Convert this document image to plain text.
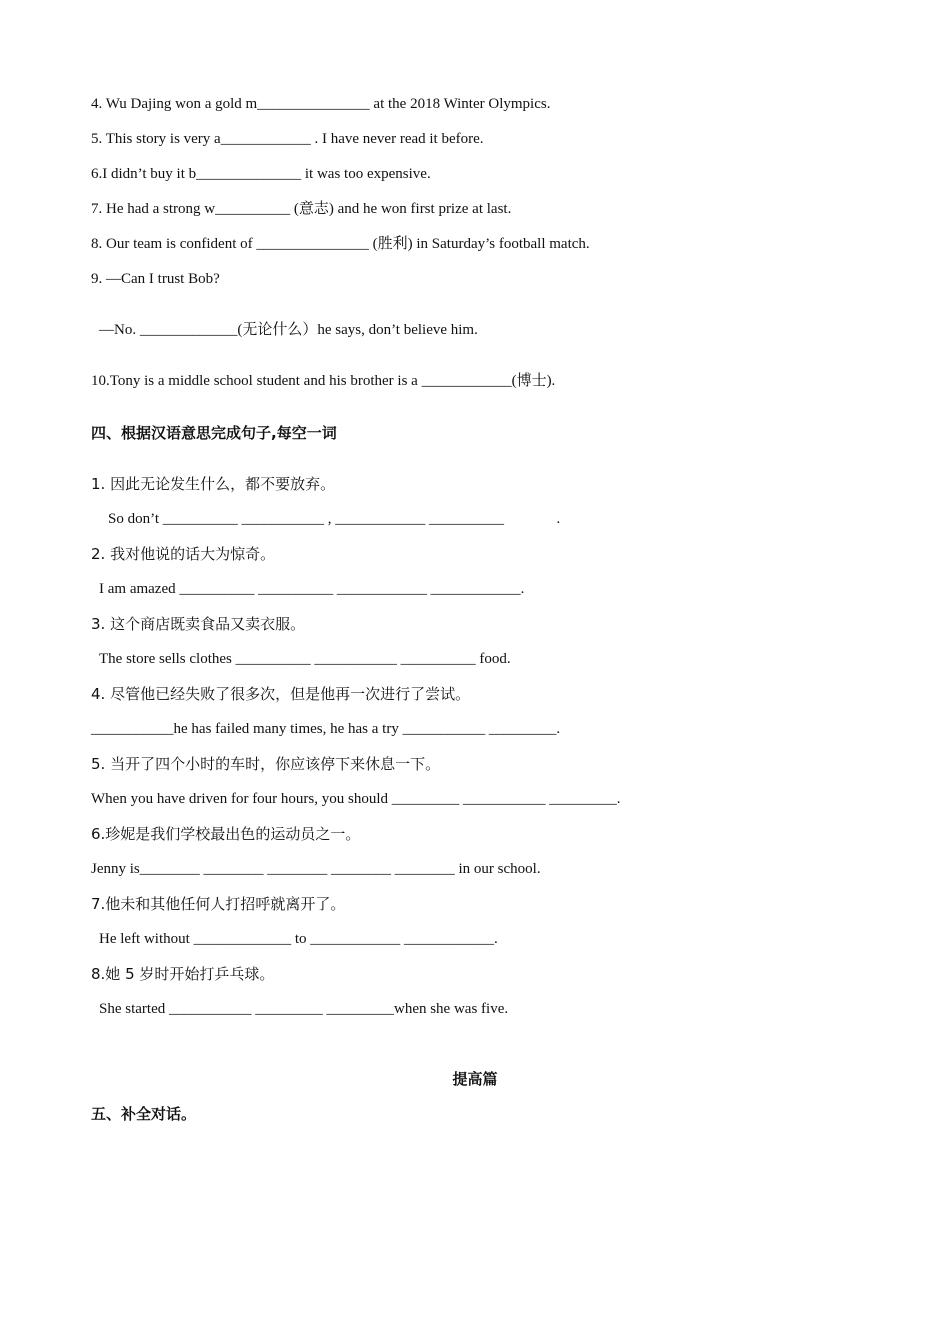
4. Wu Dajing won a gold m_______________ at the 2018 Winter Olympics.
5. This story is very a____________ . I have never read it before.
6.I didn’t buy it b______________ it was too expensive.
7. He had a strong w__________ (意志) and he won first prize at last.
8. Our team is confident of _______________ (胜利) in Saturday’s football match.
9. —Can I trust Bob?
—No. _____________(无论什么）he says, don’t believe him.
10.Tony is a middle school student and his brother is a ____________(博士).
四、根据汉语意思完成句子,每空一词
1. 因此无论发生什么，都不要放弃。
So don’t __________ ___________ , ____________ __________              .
2. 我对他说的话大为惊奇。
I am amazed __________ __________ ____________ ____________.
3. 这个商店既卖食品又卖衣服。
The store sells clothes __________ ___________ __________ food.
4. 尽管他已经失败了很多次，但是他再一次进行了尝试。
___________he has failed many times, he has a try ___________ _________.
5. 当开了四个小时的车时，你应该停下来休息一下。
When you have driven for four hours, you should _________ ___________ _________.
6.珍妮是我们学校最出色的运动员之一。
Jenny is________ ________ ________ ________ ________ in our school.
7.他未和其他任何人打招呼就离开了。
He left without _____________ to ____________ ____________.
8.她 5 岁时开始打乒乓球。
She started ___________ _________ _________when she was five.
提高篇
五、补全对话。
